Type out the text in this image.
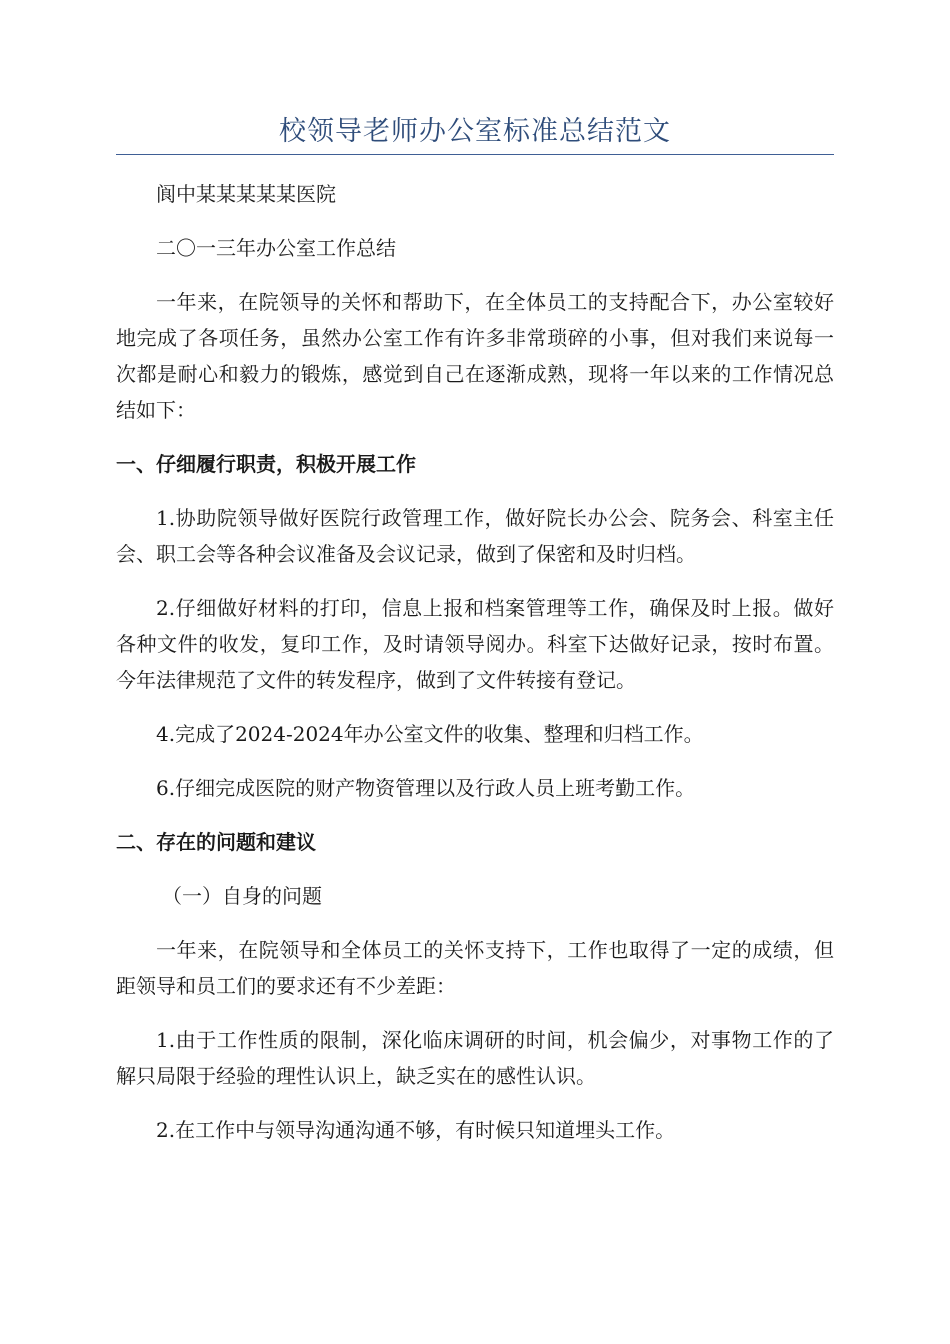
校领导老师办公室标准总结范文

阆中某某某某某医院

二〇一三年办公室工作总结

一年来，在院领导的关怀和帮助下，在全体员工的支持配合下，办公室较好地完成了各项任务，虽然办公室工作有许多非常琐碎的小事，但对我们来说每一次都是耐心和毅力的锻炼，感觉到自己在逐渐成熟，现将一年以来的工作情况总结如下：

一、仔细履行职责，积极开展工作

1.协助院领导做好医院行政管理工作，做好院长办公会、院务会、科室主任会、职工会等各种会议准备及会议记录，做到了保密和及时归档。

2.仔细做好材料的打印，信息上报和档案管理等工作，确保及时上报。做好各种文件的收发，复印工作，及时请领导阅办。科室下达做好记录，按时布置。今年法律规范了文件的转发程序，做到了文件转接有登记。

4.完成了2024-2024年办公室文件的收集、整理和归档工作。

6.仔细完成医院的财产物资管理以及行政人员上班考勤工作。

二、存在的问题和建议

（一）自身的问题

一年来，在院领导和全体员工的关怀支持下，工作也取得了一定的成绩，但距领导和员工们的要求还有不少差距：

1.由于工作性质的限制，深化临床调研的时间，机会偏少，对事物工作的了解只局限于经验的理性认识上，缺乏实在的感性认识。

2.在工作中与领导沟通沟通不够，有时候只知道埋头工作。
